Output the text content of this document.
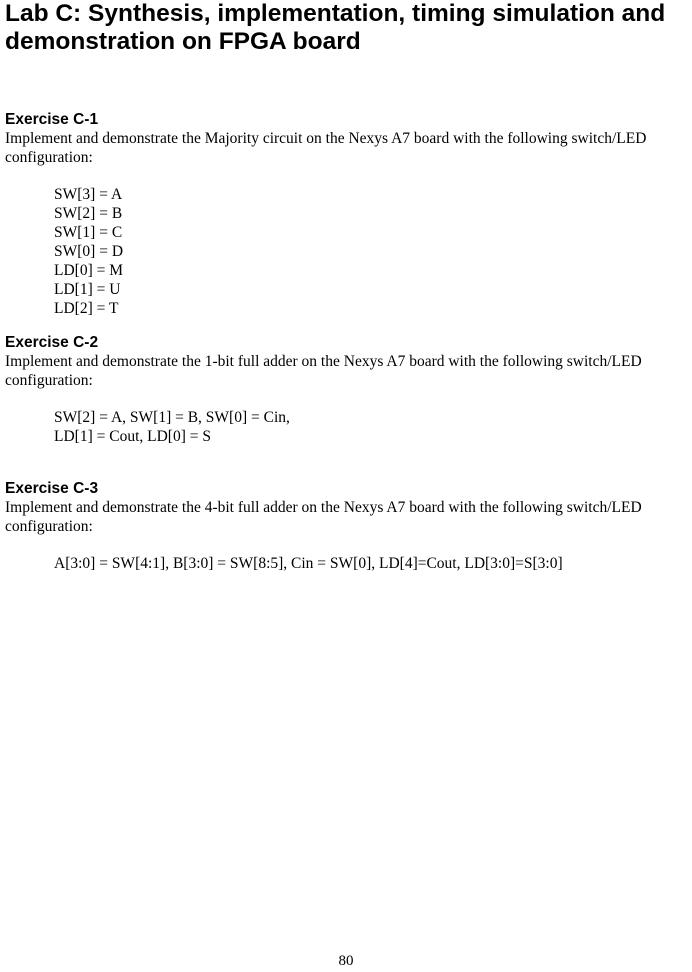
Lab C: Synthesis, implementation, timing simulation and demonstration on FPGA board
Exercise C-1

Implement and demonstrate the Majority circuit on the Nexys A7 board with the following switch/LED configuration:

SW[3] = A
SW[2] = B
SW[1] = C
SW[0] = D
LD[0] = M
LD[1] = U
LD[2] = T
Exercise C-2

Implement and demonstrate the 1-bit full adder on the Nexys A7 board with the following switch/LED configuration:

SW[2] = A, SW[1] = B, SW[0] = Cin,
LD[1] = Cout, LD[0] = S
Exercise C-3

Implement and demonstrate the 4-bit full adder on the Nexys A7 board with the following switch/LED configuration:

A[3:0] = SW[4:1], B[3:0] = SW[8:5], Cin = SW[0], LD[4]=Cout, LD[3:0]=S[3:0]
80
